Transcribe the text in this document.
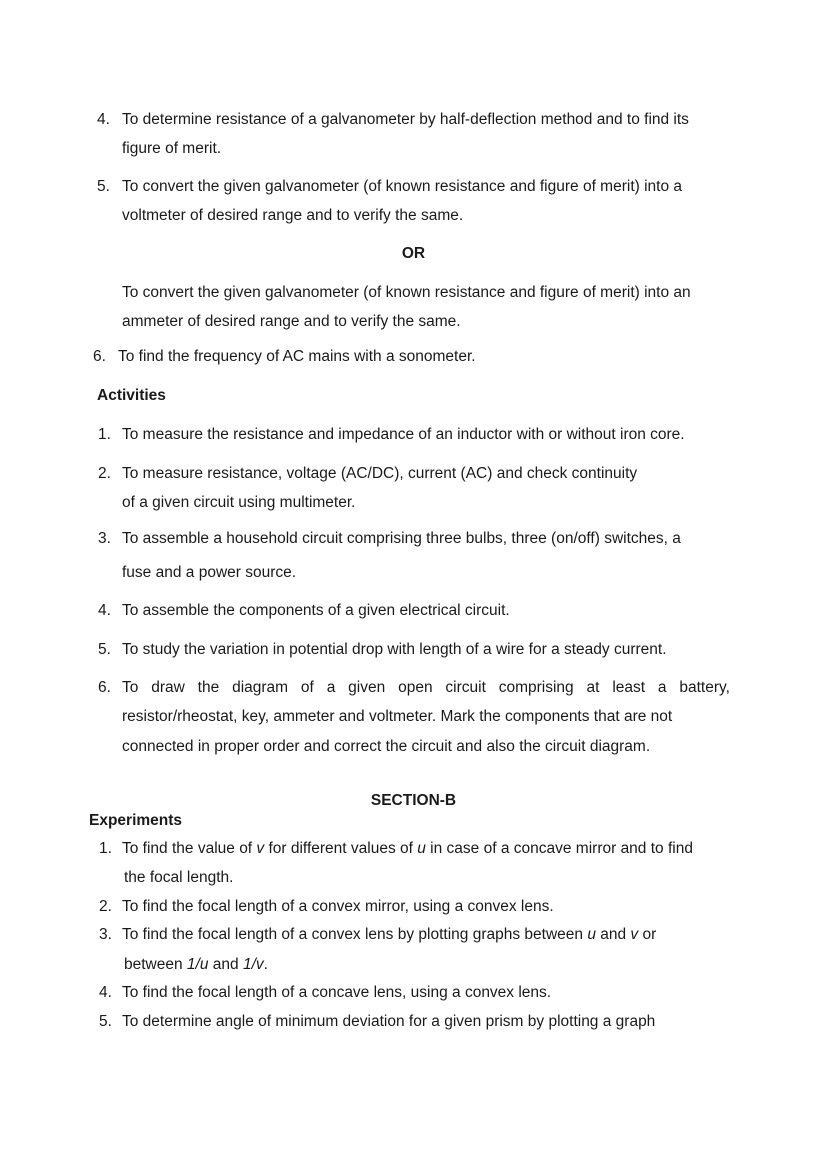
4. To determine resistance of a galvanometer by half-deflection method and to find its
figure of merit.
5. To convert the given galvanometer (of known resistance and figure of merit) into a
voltmeter of desired range and to verify the same.
OR
To convert the given galvanometer (of known resistance and figure of merit) into an
ammeter of desired range and to verify the same.
6. To find the frequency of AC mains with a sonometer.
Activities
1. To measure the resistance and impedance of an inductor with or without iron core.
2. To measure resistance, voltage (AC/DC), current (AC) and check continuity
of a given circuit using multimeter.
3. To assemble a household circuit comprising three bulbs, three (on/off) switches, a
fuse and a power source.
4. To assemble the components of a given electrical circuit.
5. To study the variation in potential drop with length of a wire for a steady current.
6. To draw the diagram of a given open circuit comprising at least a battery,
resistor/rheostat, key, ammeter and voltmeter. Mark the components that are not
connected in proper order and correct the circuit and also the circuit diagram.
SECTION-B
Experiments
1. To find the value of v for different values of u in case of a concave mirror and to find
the focal length.
2. To find the focal length of a convex mirror, using a convex lens.
3. To find the focal length of a convex lens by plotting graphs between u and v or
between 1/u and 1/v.
4. To find the focal length of a concave lens, using a convex lens.
5. To determine angle of minimum deviation for a given prism by plotting a graph
